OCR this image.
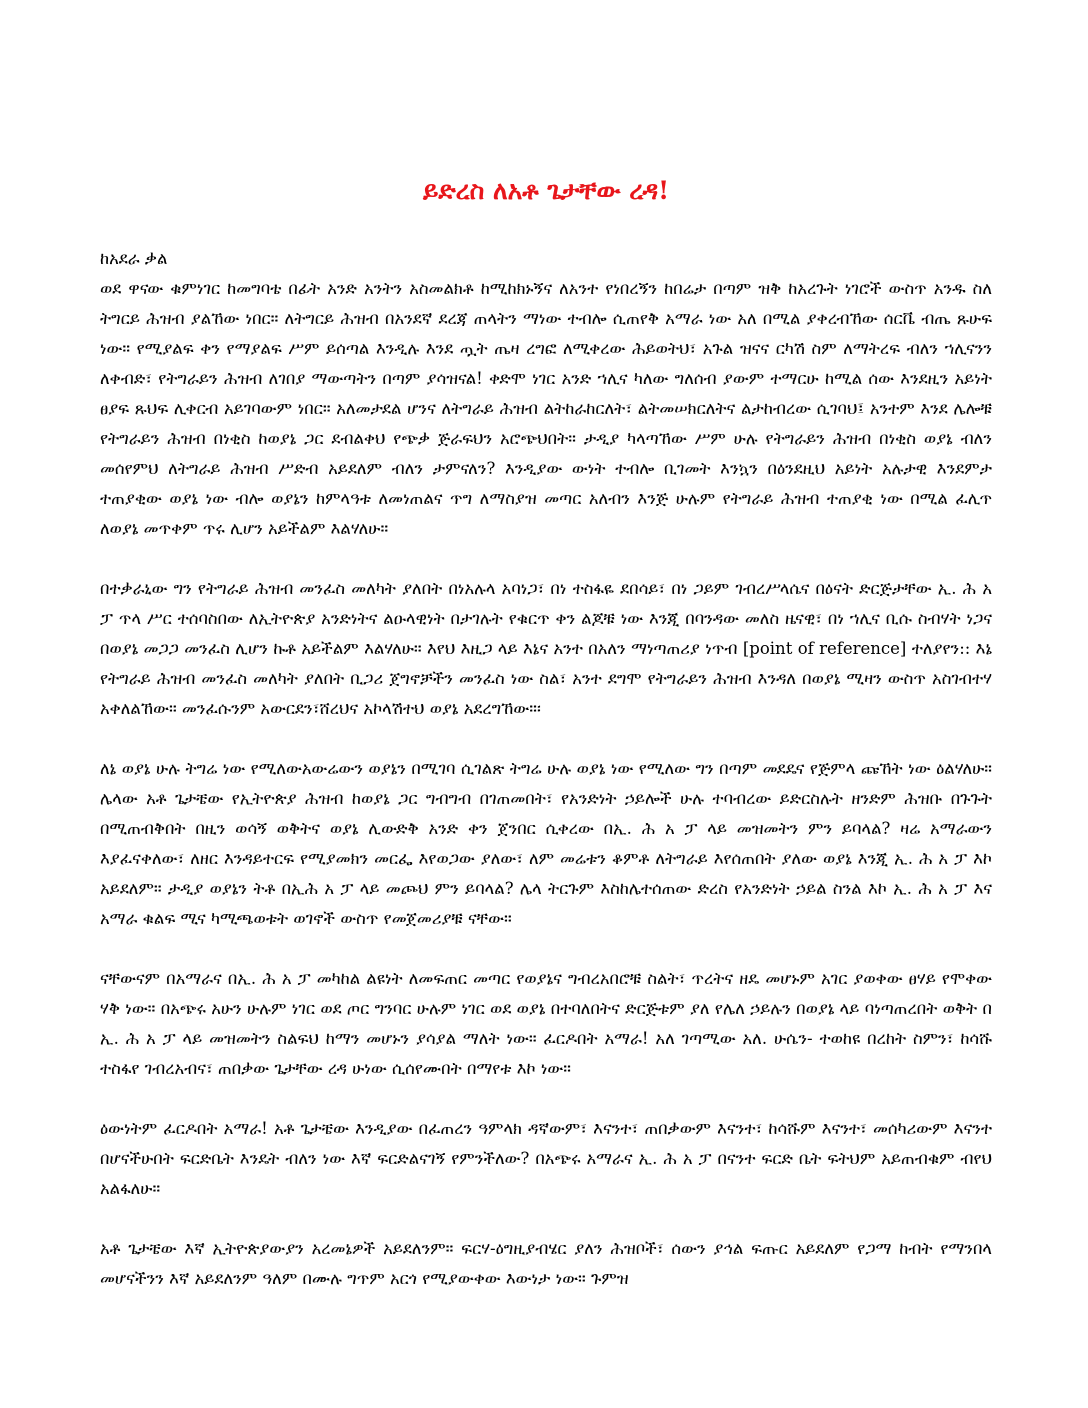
ይድረስ ለአቶ ጌታቸው ረዳ!

ከአደራ ቃል

ወደ ዋናው ቁምነገር ከመግባቴ በፊት አንድ አንትን አስመልክቶ ከሚከክኑኝና ለአንተ የነበረኝን ከበሬታ በጣም ዝቅ ከአረጉት ነገሮች ውስጥ አንዱ ስለ ትግርይ ሕዝብ ያልኸው ነበር። ለትግርይ ሕዝብ በአንደኛ ደረጃ ጠላትን ማነው ተብሎ ሲጠየቅ አማራ ነው አለ በሚል ያቀረብኸው ሰርቬ ብጤ ጹሁፍ ነው። የሚያልፍ ቀን የማያልፍ ሥም ይሰጣል እንዲሉ እንደ ጧት ጤዛ ረግፎ ለሚቀረው ሕይወትህ፣ አጉል ዝናና ርካሽ ስም ለማትረፍ ብለን ኀሊናንን ለቀብድ፣ የትግራይን ሕዝብ ለገበያ ማውጣትን በጣም ያሳዝናል! ቀድሞ ነገር አንድ ኀሊና ካለው ግለሰብ ያውም ተማርሁ ከሚል ሰው እንደዚን አይነት ፀያፍ ጹህፍ ሊቀርብ አይገባውም ነበር። አለመታደል ሆንና ለትግራይ ሕዝብ ልትከራከርለት፣ ልትመሠክርለትና ልታከብረው ሲገባህ፤ አንተም እንደ ሌሎቹ የትግራይን ሕዝብ በነቂስ ከወያኔ ጋር ደብልቀህ የጭቃ ጅራፍህን አሮጭህበት። ታዲያ ካላጣኸው ሥም ሁሉ የትግራይን ሕዝብ በነቂስ ወያኔ ብለን መሰየምህ ለትግራይ ሕዝብ ሥድብ አይደለም ብለን ታምናለን? እንዲያው ውነት ተብሎ ቢገመት እንኳን በዕንደዚህ አይነት አሉታዊ እንደምታ ተጠያቂው ወያኔ ነው ብሎ ወያኔን ከምላዓቱ ለመነጠልና ጥግ ለማስያዝ መጣር አለብን እንጅ ሁሉም የትግራይ ሕዝብ ተጠያቂ ነው በሚል ፈሊጥ ለወያኔ መጥቀም ጥሩ ሊሆን አይችልም እልሃለሁ።

በተቃራኒው ግን የትግራይ ሕዝብ መንፈስ መለካት ያለበት በነአሉላ አባነጋ፣ በነ ተስፋዬ ደበሳይ፣ በነ ጋይም ገብረሥላሴና በዕናት ድርጅታቸው ኢ. ሕ አ ፓ ጥላ ሥር ተሰባስበው ለኢትዮጵያ አንድነትና ልዑላዊነት በታገሉት የቁርጥ ቀን ልጆቹ ነው እንጂ በባንዳው መለስ ዜናዊ፣ በነ ኀሊና ቢሱ ስብሃት ነጋና በወያኔ መጋጋ መንፈስ ሊሆን ኩቶ አይችልም እልሃለሁ። እየህ እዚጋ ላይ እኔና አንተ በአለን ማነጣጠሪያ ነጥብ [point of reference] ተለያየን:: እኔ የትግራይ ሕዝብ መንፈስ መለካት ያለበት ቢጋሪ ጀግኖቻችን መንፈስ ነው ስል፣ አንተ ደግሞ የትግራይን ሕዝብ እንዳለ በወያኔ ሚዛን ውስጥ አስገብተሃ አቀለልኸው። መንፈሱንም አውርደን፣ሸረህና አኮላሽተህ ወያኔ አደረግኸው።፡

ለኔ ወያኔ ሁሉ ትግሬ ነው የሚለውአውሬውን ወያኔን በሚገባ ሲገልጽ ትግሬ ሁሉ ወያኔ ነው የሚለው ግን በጣም መደዴና የጅምላ ጩኸት ነው ዕልሃለሁ። ሌላው አቶ ጌታቼው የኢትዮጵያ ሕዝብ ከወያኔ ጋር ግብግብ በገጠመበት፣ የአንድነት ኃይሎች ሁሉ ተባብረው ይድርስሉት ዘንድም ሕዝቡ በጉጉት በሚጠብቅበት በዚን ወሳኝ ወቅትና ወያኔ ሊውድቅ አንድ ቀን ጀንበር ሲቀረው በኢ. ሕ አ ፓ ላይ መዝመትን ምን ይባላል? ዛሬ አማራውን እያፈናቀለው፣ ለዘር እንዳይተርፍ የሚያመክን መርፌ እየወጋው ያለው፣ ለም መሬቱን ቆምቶ ለትግራይ እየሰጠበት ያለው ወያኔ እንጂ ኢ. ሕ አ ፓ እኮ አይደለም። ታዲያ ወያኔን ትቶ በኢሕ አ ፓ ላይ መጮህ ምን ይባላል? ሌላ ትርጉም እስከሌተሰጠው ድረስ የአንድነት ኃይል ስንል እኮ ኢ. ሕ አ ፓ እና አማራ ቁልፍ ሚና ካሚጫወቱት ወገኖች ውስጥ የመጀመሪያቹ ናቸው።

ናቸውናም በአማራና በኢ. ሕ አ ፓ መካከል ልዩነት ለመፍጠር መጣር የወያኔና ግብረአበሮቹ ስልት፣ ጥረትና ዘዴ መሆኑም አገር ያወቀው ፀሃይ የሞቀው ሃቅ ነው። በአጭሩ አሁን ሁሉም ነገር ወደ ጦር ግንባር ሁሉም ነገር ወደ ወያኔ በተባለበትና ድርጅቱም ያለ የሌለ ኃይሉን በወያኔ ላይ ባነጣጠረበት ወቅት በ ኢ. ሕ አ ፓ ላይ መዝመትን ስልፍህ ከማን መሆኑን ያሳያል ማለት ነው። ፈርዶበት አማራ! አለ ገጣሚው አለ. ሁሴን- ተወከዩ በረከት ስምን፣ ከሳሹ ተስፋየ ገብረአብና፣ ጠበቃው ጌታቸው ረዳ ሁነው ሲሰየሙበት በማየቱ እኮ ነው።

ዕውነትም ፈርዶበት አማራ! አቶ ጌታቼው እንዲያው በፈጠረን ዓምላክ ዳኛውም፣ እናንተ፣ ጠበቃውም እናንተ፣ ከሳሹም እናንተ፣ መሰካሪውም እናንተ በሆናችሁበት ፍርድቤት እንዴት ብለን ነው እኛ ፍርድልናገኝ የምንችለው? በአጭሩ አማራና ኢ. ሕ አ ፓ በናንተ ፍርድ ቤት ፍትህም አይጠብቁም ብየህ አልፋለሁ።

አቶ ጌታቼው እኛ ኢትዮጵያውያን አረመኔዎች አይደለንም። ፍርሃ-ዕግዚያብሄር ያለን ሕዝቦች፣ ሰውን ያኅል ፍጡር አይደለም የጋማ ከብት የማንበላ መሆናችንን እኛ አይደለንም ዓለም በሙሉ ግጥም አርጎ የሚያውቀው እውነታ ነው። ጉምዝ
